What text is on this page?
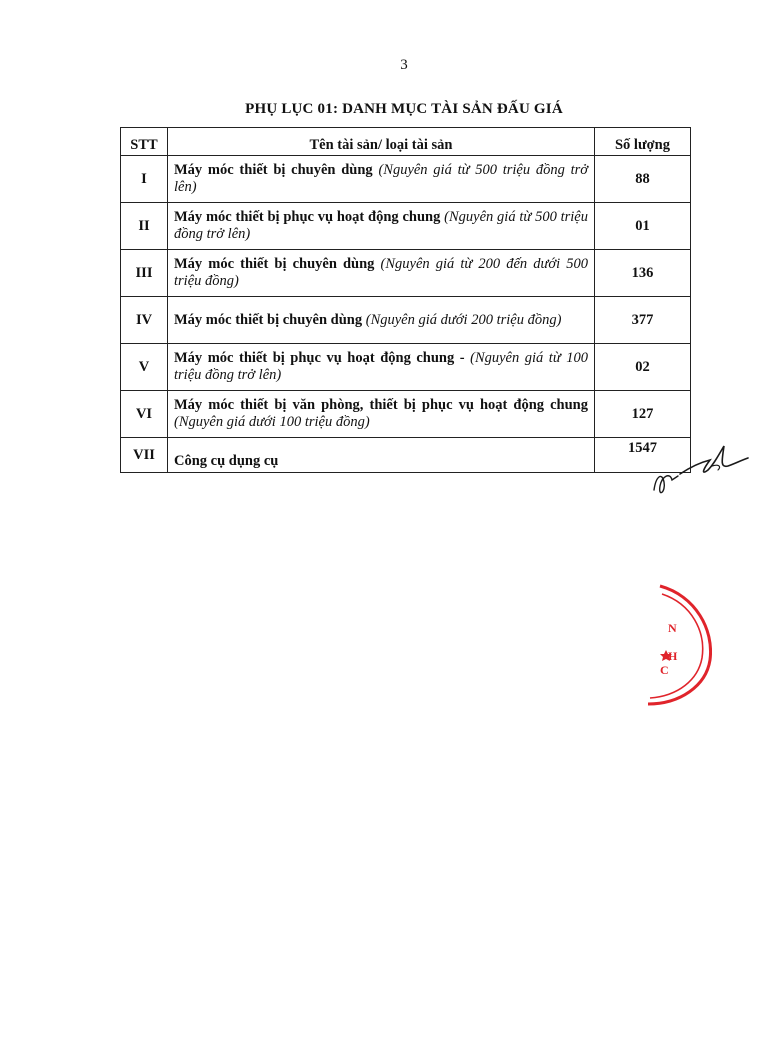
3
PHỤ LỤC 01: DANH MỤC TÀI SẢN ĐẤU GIÁ
STT	Tên tài sản/ loại tài sản	Số lượng
I	Máy móc thiết bị chuyên dùng (Nguyên giá từ 500 triệu đồng trở lên)	88
II	Máy móc thiết bị phục vụ hoạt động chung (Nguyên giá từ 500 triệu đồng trở lên)	01
III	Máy móc thiết bị chuyên dùng (Nguyên giá từ 200 đến dưới 500 triệu đồng)	136
IV	Máy móc thiết bị chuyên dùng (Nguyên giá dưới 200 triệu đồng)	377
V	Máy móc thiết bị phục vụ hoạt động chung - (Nguyên giá từ 100 triệu đồng trở lên)	02
VI	Máy móc thiết bị văn phòng, thiết bị phục vụ hoạt động chung (Nguyên giá dưới 100 triệu đồng)	127
VII	Công cụ dụng cụ	1547
N
H
C
